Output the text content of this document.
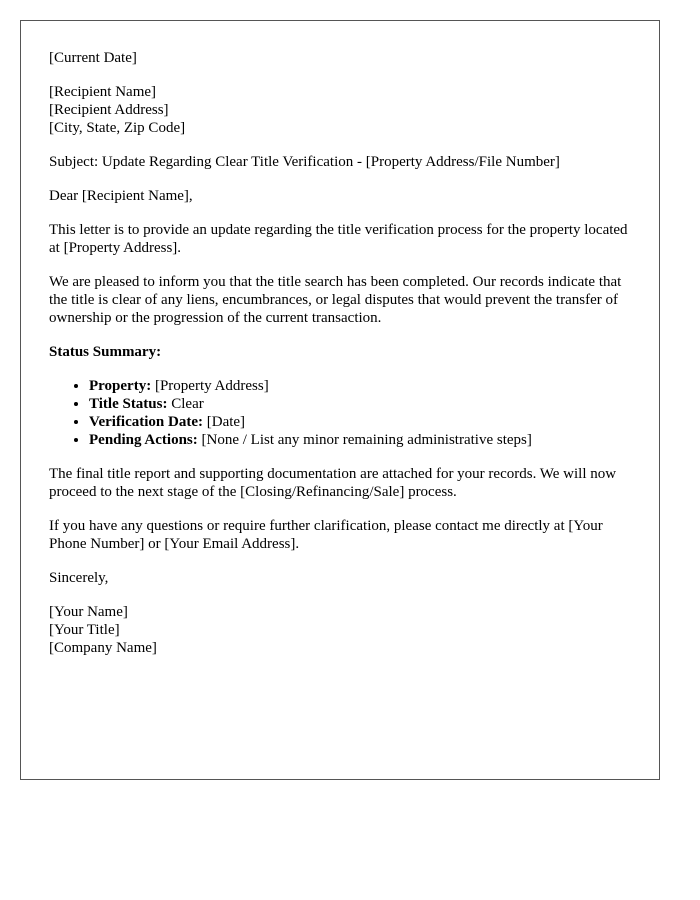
[Current Date]

[Recipient Name]
[Recipient Address]
[City, State, Zip Code]

Subject: Update Regarding Clear Title Verification - [Property Address/File Number]

Dear [Recipient Name],

This letter is to provide an update regarding the title verification process for the property located at [Property Address].

We are pleased to inform you that the title search has been completed. Our records indicate that the title is clear of any liens, encumbrances, or legal disputes that would prevent the transfer of ownership or the progression of the current transaction.

Status Summary:

• Property: [Property Address]
• Title Status: Clear
• Verification Date: [Date]
• Pending Actions: [None / List any minor remaining administrative steps]

The final title report and supporting documentation are attached for your records. We will now proceed to the next stage of the [Closing/Refinancing/Sale] process.

If you have any questions or require further clarification, please contact me directly at [Your Phone Number] or [Your Email Address].

Sincerely,

[Your Name]
[Your Title]
[Company Name]
